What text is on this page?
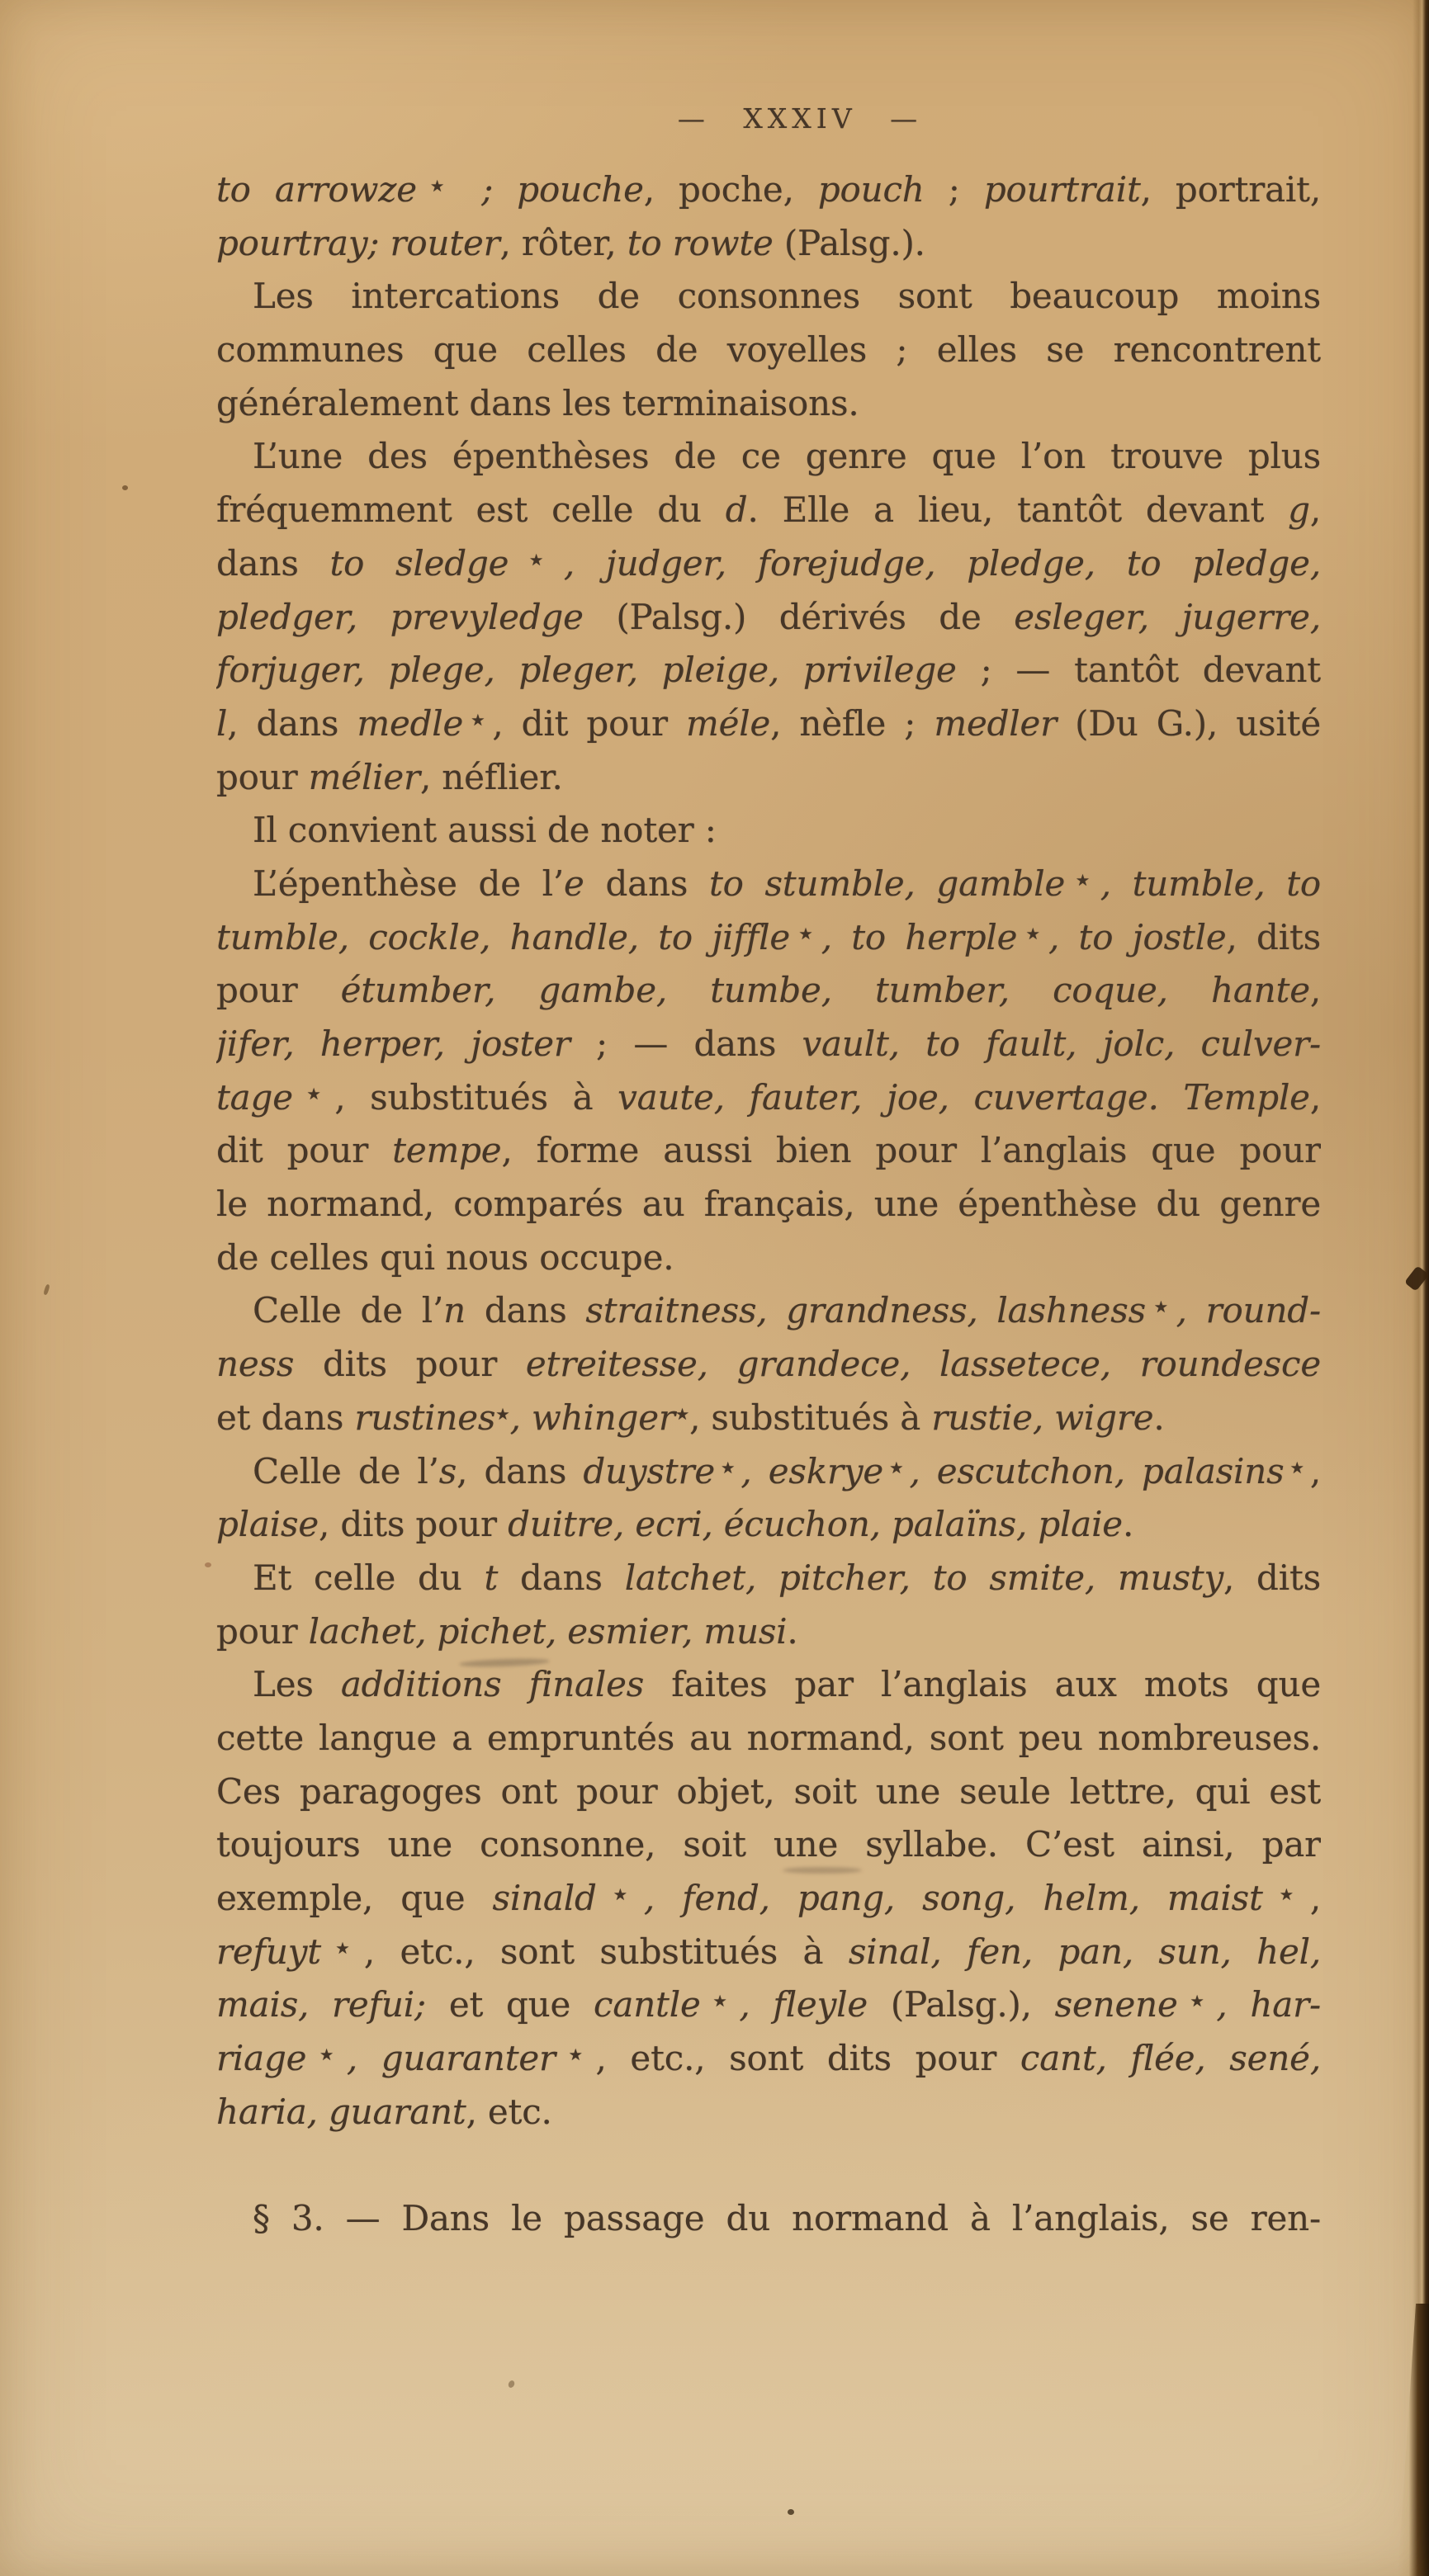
— XXXIV —
to arrowze★ ; pouche, poche, pouch ; pourtrait, portrait,
pourtray; router, rôter, to rowte (Palsg.).
Les intercations de consonnes sont beaucoup moins
communes que celles de voyelles ; elles se rencontrent
généralement dans les terminaisons.
L’une des épenthèses de ce genre que l’on trouve plus
fréquemment est celle du d. Elle a lieu, tantôt devant g,
dans to sledge★, judger, forejudge, pledge, to pledge,
pledger, prevyledge (Palsg.) dérivés de esleger, jugerre,
forjuger, plege, pleger, pleige, privilege ; — tantôt devant
l, dans medle★, dit pour méle, nèfle ; medler (Du G.), usité
pour mélier, néflier.
Il convient aussi de noter :
L’épenthèse de l’e dans to stumble, gamble★, tumble, to
tumble, cockle, handle, to jiffle★, to herple★, to jostle, dits
pour étumber, gambe, tumbe, tumber, coque, hante,
jifer, herper, joster ; — dans vault, to fault, jolc, culver-
tage★, substitués à vaute, fauter, joe, cuvertage. Temple,
dit pour tempe, forme aussi bien pour l’anglais que pour
le normand, comparés au français, une épenthèse du genre
de celles qui nous occupe.
Celle de l’n dans straitness, grandness, lashness★, round-
ness dits pour etreitesse, grandece, lassetece, roundesce
et dans rustines★, whinger★, substitués à rustie, wigre.
Celle de l’s, dans duystre★, eskrye★, escutchon, palasins★,
plaise, dits pour duitre, ecri, écuchon, palaïns, plaie.
Et celle du t dans latchet, pitcher, to smite, musty, dits
pour lachet, pichet, esmier, musi.
Les additions finales faites par l’anglais aux mots que
cette langue a empruntés au normand, sont peu nombreuses.
Ces paragoges ont pour objet, soit une seule lettre, qui est
toujours une consonne, soit une syllabe. C’est ainsi, par
exemple, que sinald★, fend, pang, song, helm, maist★,
refuyt★, etc., sont substitués à sinal, fen, pan, sun, hel,
mais, refui; et que cantle★, fleyle (Palsg.), senene★, har-
riage★, guaranter★, etc., sont dits pour cant, flée, sené,
haria, guarant, etc.
§ 3. — Dans le passage du normand à l’anglais, se ren-
